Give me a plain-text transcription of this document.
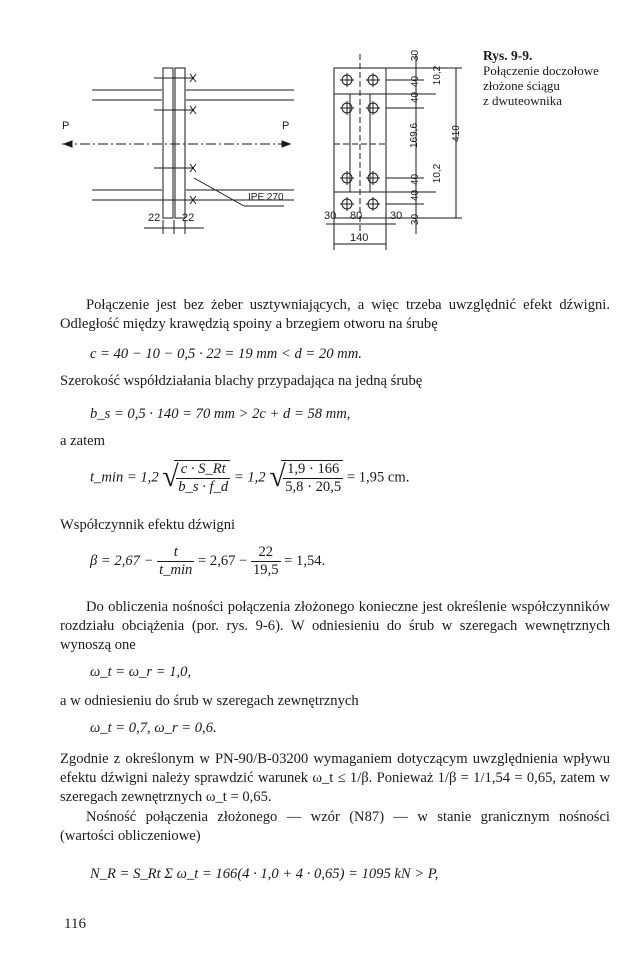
P	P
IPE 270
22 22	30 80	30
140
30
40
40
169,6
40
40
30
10,2
10,2
410
Rys. 9-9.
Połączenie doczołowe
złożone ściągu
z dwuteownika
Połączenie jest bez żeber usztywniających, a więc trzeba uwzględnić efekt dźwigni. Odległość między krawędzią spoiny a brzegiem otworu na śrubę
c = 40 − 10 − 0,5 · 22 = 19 mm < d = 20 mm.
Szerokość współdziałania blachy przypadająca na jedną śrubę
b_s = 0,5 · 140 = 70 mm > 2c + d = 58 mm,
a zatem
t_min = 1,2 √
$\frac{c \cdot S\_Rt}{b\_s \cdot f\_d} = 1,2$ √
$\frac{1,9 \cdot 166}{5,8 \cdot 20,5} = 1,95$ cm.
Współczynnik efektu dźwigni
$\beta = 2,67 - \frac{t}{t\_\min} = 2,67 - \frac{22}{19,5} = 1,54$.
Do obliczenia nośności połączenia złożonego konieczne jest określenie współczynników rozdziału obciążenia (por. rys. 9-6). W odniesieniu do śrub w szeregach wewnętrznych wynoszą one
ω_t = ω_r = 1,0,
a w odniesieniu do śrub w szeregach zewnętrznych
ω_t = 0,7, ω_r = 0,6.
Zgodnie z określonym w PN-90/B-03200 wymaganiem dotyczącym uwzględnienia wpływu efektu dźwigni należy sprawdzić warunek ω_t ≤ 1/β. Ponieważ 1/β = 1/1,54 = 0,65, zatem w szeregach zewnętrznych ω_t = 0,65.
Nośność połączenia złożonego — wzór (N87) — w stanie granicznym nośności (wartości obliczeniowe)
N_R = S_Rt Σ ω_t = 166(4 · 1,0 + 4 · 0,65) = 1095 kN > P,
116
